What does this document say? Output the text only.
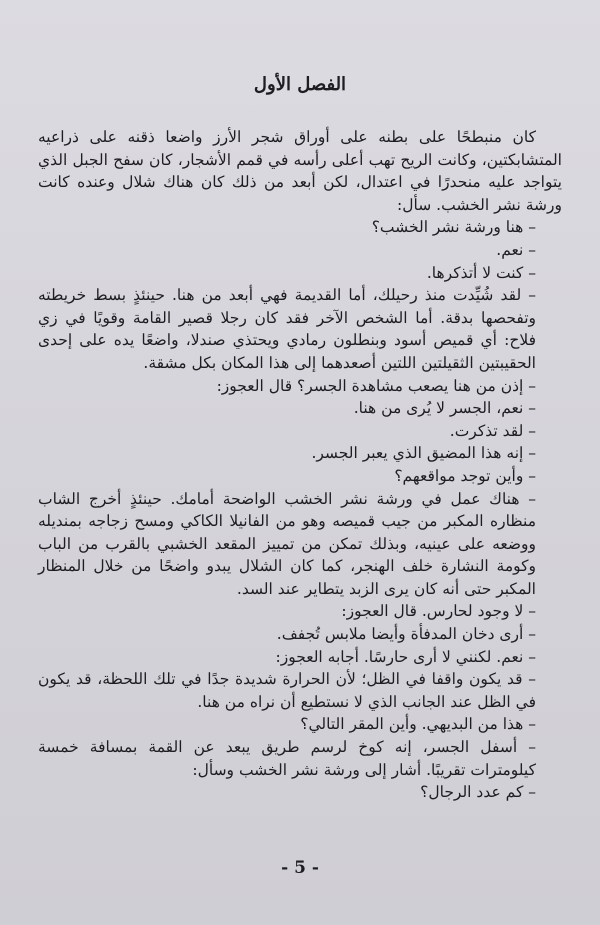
الفصل الأول

كان منبطحًا على بطنه على أوراق شجر الأرز واضعا ذقنه على ذراعيه المتشابكتين، وكانت الريح تهب أعلى رأسه في قمم الأشجار، كان سفح الجبل الذي يتواجد عليه منحدرًا في اعتدال، لكن أبعد من ذلك كان هناك شلال وعنده كانت ورشة نشر الخشب. سأل:

– هنا ورشة نشر الخشب؟

– نعم.

– كنت لا أتذكرها.

– لقد شُيِّدت منذ رحيلك، أما القديمة فهي أبعد من هنا. حينئذٍ بسط خريطته وتفحصها بدقة. أما الشخص الآخر فقد كان رجلا قصير القامة وقويًا في زي فلاح: أي قميص أسود وبنطلون رمادي ويحتذي صندلا، واضعًا يده على إحدى الحقيبتين الثقيلتين اللتين أصعدهما إلى هذا المكان بكل مشقة.

– إذن من هنا يصعب مشاهدة الجسر؟ قال العجوز:

– نعم، الجسر لا يُرى من هنا.

– لقد تذكرت.

– إنه هذا المضيق الذي يعبر الجسر.

– وأين توجد مواقعهم؟

– هناك عمل في ورشة نشر الخشب الواضحة أمامك. حينئذٍ أخرج الشاب منظاره المكبر من جيب قميصه وهو من الفانيلا الكاكي ومسح زجاجه بمنديله ووضعه على عينيه، وبذلك تمكن من تمييز المقعد الخشبي بالقرب من الباب وكومة النشارة خلف الهنجر، كما كان الشلال يبدو واضحًا من خلال المنظار المكبر حتى أنه كان يرى الزبد يتطاير عند السد.

– لا وجود لحارس. قال العجوز:

– أرى دخان المدفأة وأيضا ملابس تُجفف.

– نعم. لكنني لا أرى حارسًا. أجابه العجوز:

– قد يكون واقفا في الظل؛ لأن الحرارة شديدة جدًا في تلك اللحظة، قد يكون في الظل عند الجانب الذي لا نستطيع أن نراه من هنا.

– هذا من البديهي. وأين المقر التالي؟

– أسفل الجسر، إنه كوخ لرسم طريق يبعد عن القمة بمسافة خمسة كيلومترات تقريبًا. أشار إلى ورشة نشر الخشب وسأل:

– كم عدد الرجال؟

- 5 -
